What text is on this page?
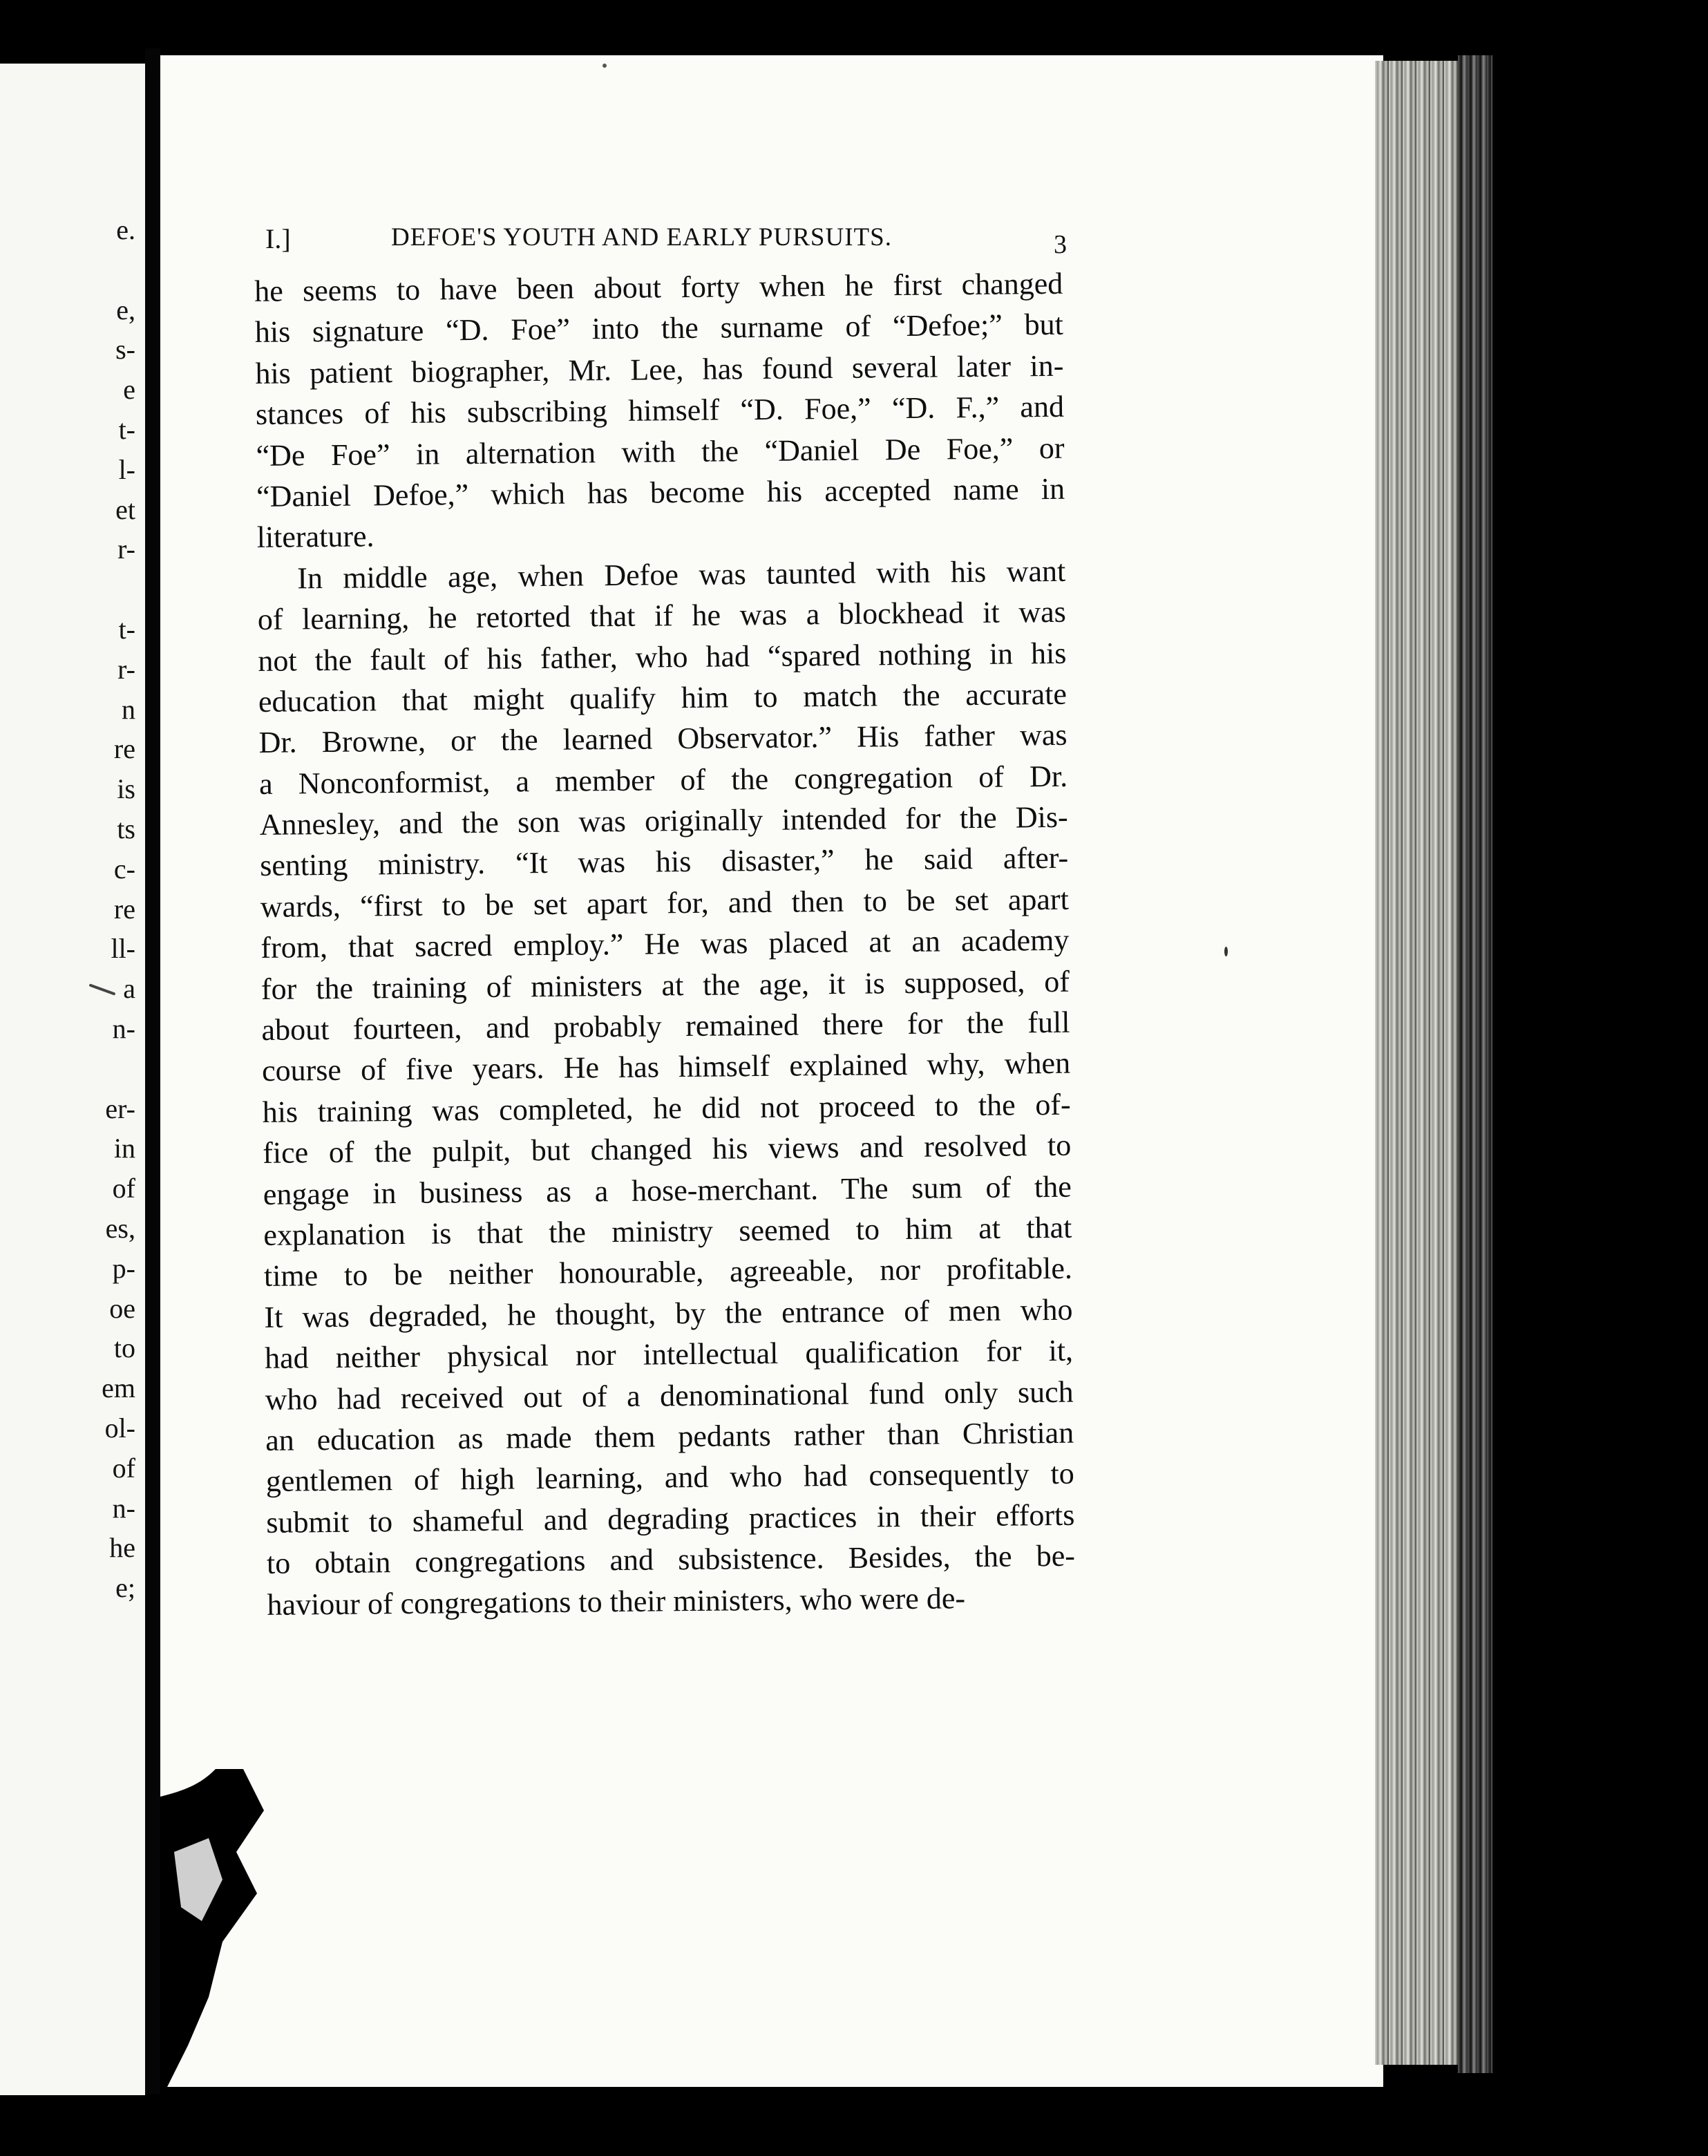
e.

e,
s-
e
t-
l-
et
r-

t-
r-
n
re
is
ts
c-
re
ll-
a
n-

er-
in
of
es,
p-
oe
to
em
ol-
of
n-
he
e;
I.]	DEFOE'S YOUTH AND EARLY PURSUITS.	3
he seems to have been about forty when he first changed
his signature “D. Foe” into the surname of “Defoe;” but
his patient biographer, Mr. Lee, has found several later in-
stances of his subscribing himself “D. Foe,” “D. F.,” and
“De Foe” in alternation with the “Daniel De Foe,” or
“Daniel Defoe,” which has become his accepted name in
literature.
In middle age, when Defoe was taunted with his want
of learning, he retorted that if he was a blockhead it was
not the fault of his father, who had “spared nothing in his
education that might qualify him to match the accurate
Dr. Browne, or the learned Observator.” His father was
a Nonconformist, a member of the congregation of Dr.
Annesley, and the son was originally intended for the Dis-
senting ministry. “It was his disaster,” he said after-
wards, “first to be set apart for, and then to be set apart
from, that sacred employ.” He was placed at an academy
for the training of ministers at the age, it is supposed, of
about fourteen, and probably remained there for the full
course of five years. He has himself explained why, when
his training was completed, he did not proceed to the of-
fice of the pulpit, but changed his views and resolved to
engage in business as a hose-merchant. The sum of the
explanation is that the ministry seemed to him at that
time to be neither honourable, agreeable, nor profitable.
It was degraded, he thought, by the entrance of men who
had neither physical nor intellectual qualification for it,
who had received out of a denominational fund only such
an education as made them pedants rather than Christian
gentlemen of high learning, and who had consequently to
submit to shameful and degrading practices in their efforts
to obtain congregations and subsistence. Besides, the be-
haviour of congregations to their ministers, who were de-
